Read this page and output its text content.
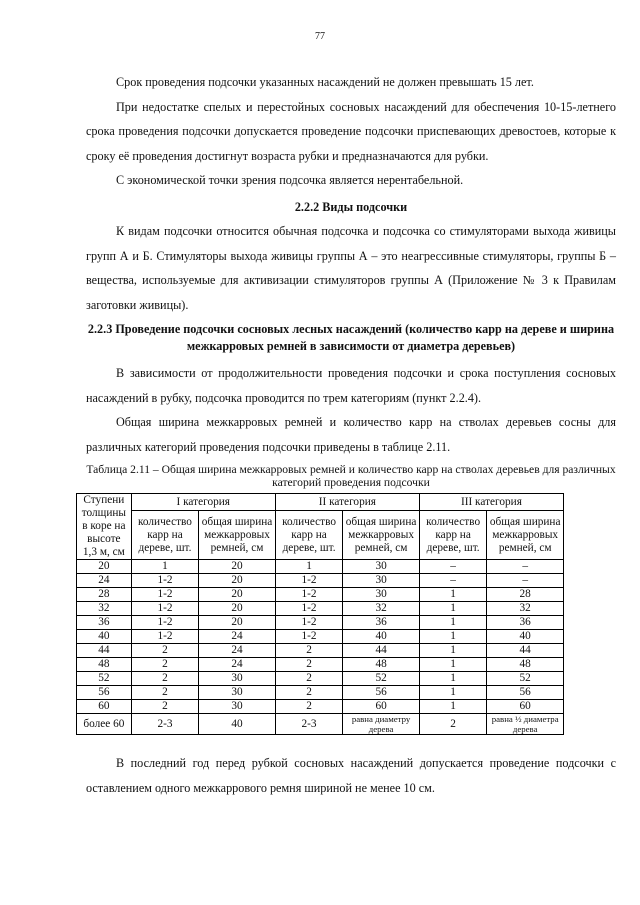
77

Срок проведения подсочки указанных насаждений не должен превышать 15 лет.

При недостатке спелых и перестойных сосновых насаждений для обеспечения 10-15-летнего срока проведения подсочки допускается проведение подсочки приспевающих древостоев, которые к сроку её проведения достигнут возраста рубки и предназначаются для рубки.

С экономической точки зрения подсочка является нерентабельной.

2.2.2 Виды подсочки

К видам подсочки относится обычная подсочка и подсочка со стимуляторами выхода живицы групп А и Б. Стимуляторы выхода живицы группы А – это неагрессивные стимуляторы, группы Б – вещества, используемые для активизации стимуляторов группы А (Приложение № 3 к Правилам заготовки живицы).

2.2.3 Проведение подсочки сосновых лесных насаждений (количество карр на дереве и ширина межкарровых ремней в зависимости от диаметра деревьев)

В зависимости от продолжительности проведения подсочки и срока поступления сосновых насаждений в рубку, подсочка проводится по трем категориям (пункт 2.2.4).

Общая ширина межкарровых ремней и количество карр на стволах деревьев сосны для различных категорий проведения подсочки приведены в таблице 2.11.

Таблица 2.11 – Общая ширина межкарровых ремней и количество карр на стволах деревьев для различных категорий проведения подсочки

Ступени толщины в коре на высоте 1,3 м, см	I категория		II категория		III категория	
	количество карр на дереве, шт.	общая ширина межкарровых ремней, см	количество карр на дереве, шт.	общая ширина межкарровых ремней, см	количество карр на дереве, шт.	общая ширина межкарровых ремней, см
20	1	20	1	30	–	–
24	1-2	20	1-2	30	–	–
28	1-2	20	1-2	30	1	28
32	1-2	20	1-2	32	1	32
36	1-2	20	1-2	36	1	36
40	1-2	24	1-2	40	1	40
44	2	24	2	44	1	44
48	2	24	2	48	1	48
52	2	30	2	52	1	52
56	2	30	2	56	1	56
60	2	30	2	60	1	60
более 60	2-3	40	2-3	равна диаметру дерева	2	равна ½ диаметра дерева

В последний год перед рубкой сосновых насаждений допускается проведение подсочки с оставлением одного межкаррового ремня шириной не менее 10 см.
